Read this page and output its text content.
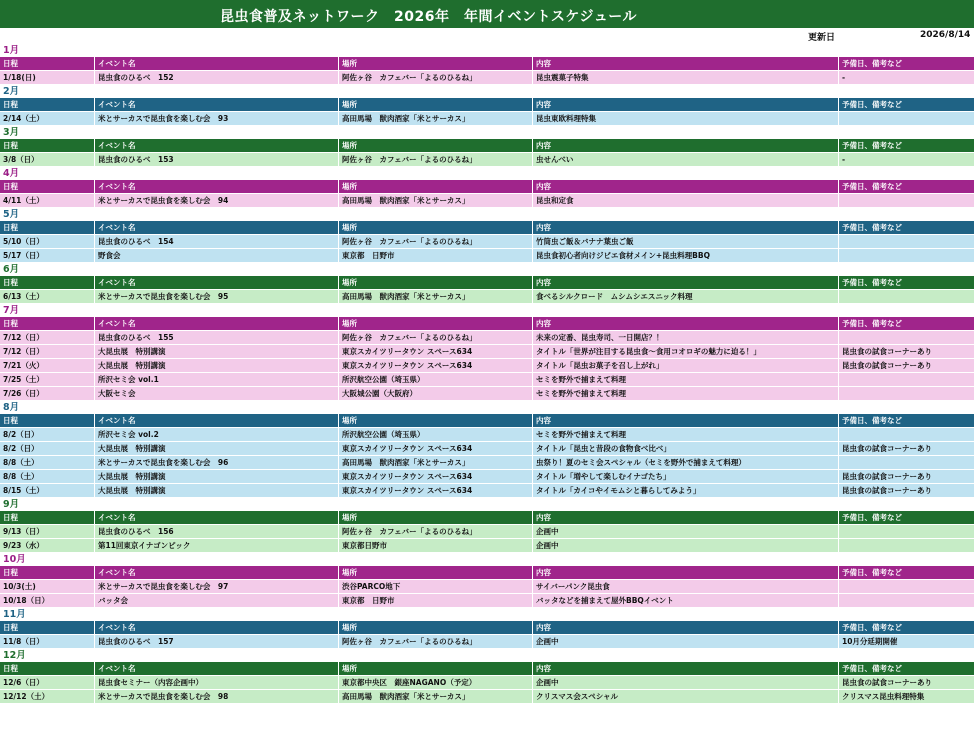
昆虫食普及ネットワーク　2026年　年間イベントスケジュール
更新日	2026/8/14
1月
日程	イベント名	場所	内容	予備日、備考など
1/18(日)	昆虫食のひるべ　152	阿佐ヶ谷　カフェバー「よるのひるね」	昆虫震菓子特集	-
2月
日程	イベント名	場所	内容	予備日、備考など
2/14（土）	米とサーカスで昆虫食を楽しむ会　93	高田馬場　獣肉酒家「米とサーカス」	昆虫東欧料理特集
3月
日程	イベント名	場所	内容	予備日、備考など
3/8（日）	昆虫食のひるべ　153	阿佐ヶ谷　カフェバー「よるのひるね」	虫せんべい	-
4月
日程	イベント名	場所	内容	予備日、備考など
4/11（土）	米とサーカスで昆虫食を楽しむ会　94	高田馬場　獣肉酒家「米とサーカス」	昆虫和定食
5月
日程	イベント名	場所	内容	予備日、備考など
5/10（日）	昆虫食のひるべ　154	阿佐ヶ谷　カフェバー「よるのひるね」	竹筒虫ご飯＆バナナ葉虫ご飯
5/17（日）	野食会	東京都　日野市	昆虫食初心者向けジビエ食材メイン+昆虫料理BBQ
6月
日程	イベント名	場所	内容	予備日、備考など
6/13（土）	米とサーカスで昆虫食を楽しむ会　95	高田馬場　獣肉酒家「米とサーカス」	食べるシルクロード　ムシムシエスニック料理
7月
日程	イベント名	場所	内容	予備日、備考など
7/12（日）	昆虫食のひるべ　155	阿佐ヶ谷　カフェバー「よるのひるね」	未来の定番、昆虫寿司、一日開店？！
7/12（日）	大昆虫展　特別講演	東京スカイツリータウン スペース634	タイトル「世界が注目する昆虫食～食用コオロギの魅力に迫る！」	昆虫食の試食コーナーあり
7/21（火）	大昆虫展　特別講演	東京スカイツリータウン スペース634	タイトル「昆虫お菓子を召し上がれ」	昆虫食の試食コーナーあり
7/25（土）	所沢セミ会 vol.1	所沢航空公園（埼玉県）	セミを野外で捕まえて料理
7/26（日）	大阪セミ会	大阪城公園（大阪府）	セミを野外で捕まえて料理
8月
日程	イベント名	場所	内容	予備日、備考など
8/2（日）	所沢セミ会 vol.2	所沢航空公園（埼玉県）	セミを野外で捕まえて料理
8/2（日）	大昆虫展　特別講演	東京スカイツリータウン スペース634	タイトル「昆虫と昔段の食物食べ比べ」	昆虫食の試食コーナーあり
8/8（土）	米とサーカスで昆虫食を楽しむ会　96	高田馬場　獣肉酒家「米とサーカス」	虫祭り！夏のセミ会スペシャル（セミを野外で捕まえて料理）
8/8（土）	大昆虫展　特別講演	東京スカイツリータウン スペース634	タイトル「増やして楽しむイナゴたち」	昆虫食の試食コーナーあり
8/15（土）	大昆虫展　特別講演	東京スカイツリータウン スペース634	タイトル「カイコやイモムシと暮らしてみよう」	昆虫食の試食コーナーあり
9月
日程	イベント名	場所	内容	予備日、備考など
9/13（日）	昆虫食のひるべ　156	阿佐ヶ谷　カフェバー「よるのひるね」	企画中
9/23（水）	第11回東京イナゴンピック	東京都日野市	企画中
10月
日程	イベント名	場所	内容	予備日、備考など
10/3(土)	米とサーカスで昆虫食を楽しむ会　97	渋谷PARCO地下	サイバーパンク昆虫食
10/18（日）	バッタ会	東京都　日野市	バッタなどを捕まえて屋外BBQイベント
11月
日程	イベント名	場所	内容	予備日、備考など
11/8（日）	昆虫食のひるべ　157	阿佐ヶ谷　カフェバー「よるのひるね」	企画中	10月分延期開催
12月
日程	イベント名	場所	内容	予備日、備考など
12/6（日）	昆虫食セミナー（内容企画中）	東京都中央区　銀座NAGANO（予定）	企画中	昆虫食の試食コーナーあり
12/12（土）	米とサーカスで昆虫食を楽しむ会　98	高田馬場　獣肉酒家「米とサーカス」	クリスマス会スペシャル	クリスマス昆虫料理特集
